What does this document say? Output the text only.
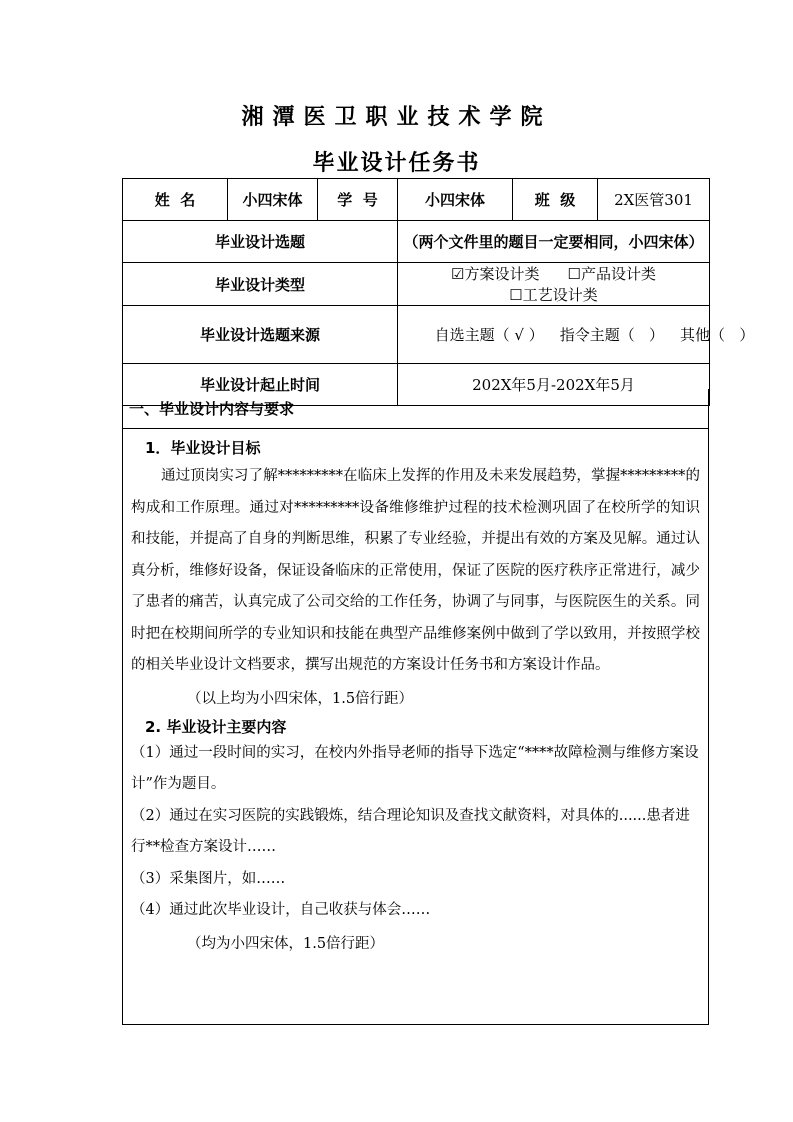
湘潭医卫职业技术学院
毕业设计任务书
姓  名	小四宋体	学  号	小四宋体	班  级	2X医管301
毕业设计选题			（两个文件里的题目一定要相同，小四宋体）		
毕业设计类型			☑方案设计类 ☐产品设计类☐工艺设计类		
毕业设计选题来源			自选主题（ √ ） 指令主题（   ） 其他（   ）		

毕业设计起止时间			202X年5月-202X年5月		
一、毕业设计内容与要求
1．毕业设计目标

通过顶岗实习了解*********在临床上发挥的作用及未来发展趋势，掌握*********的构成和工作原理。通过对*********设备维修维护过程的技术检测巩固了在校所学的知识和技能，并提高了自身的判断思维，积累了专业经验，并提出有效的方案及见解。通过认真分析，维修好设备，保证设备临床的正常使用，保证了医院的医疗秩序正常进行，减少了患者的痛苦，认真完成了公司交给的工作任务，协调了与同事，与医院医生的关系。同时把在校期间所学的专业知识和技能在典型产品维修案例中做到了学以致用，并按照学校的相关毕业设计文档要求，撰写出规范的方案设计任务书和方案设计作品。

（以上均为小四宋体，1.5倍行距）
2. 毕业设计主要内容

（1）通过一段时间的实习，在校内外指导老师的指导下选定“****故障检测与维修方案设计”作为题目。

（2）通过在实习医院的实践锻炼，结合理论知识及查找文献资料，对具体的......患者进行**检查方案设计……

（3）采集图片，如……

（4）通过此次毕业设计，自己收获与体会……

（均为小四宋体，1.5倍行距）
